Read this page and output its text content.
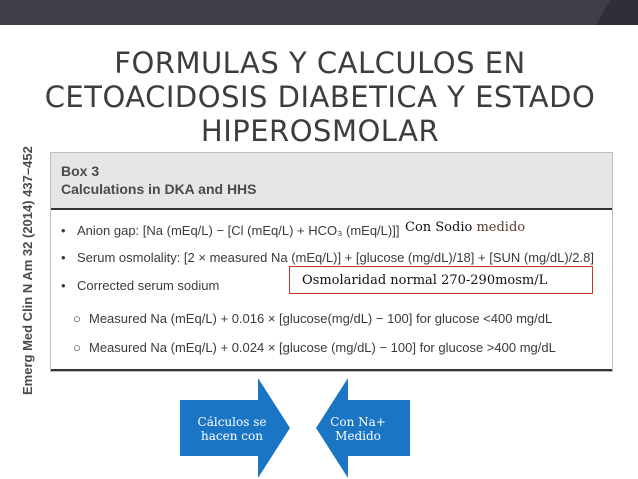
FORMULAS Y CALCULOS EN
CETOACIDOSIS DIABETICA Y ESTADO
HIPEROSMOLAR
Emerg Med Clin N Am 32 (2014) 437–452 Box 3
Calculations in DKA and HHS
• Anion gap: [Na (mEq/L) − [Cl (mEq/L) + HCO₃ (mEq/L)]]
• Serum osmolality: [2 × measured Na (mEq/L)] + [glucose (mg/dL)/18] + [SUN (mg/dL)/2.8]
• Corrected serum sodium
○ Measured Na (mEq/L) + 0.016 × [glucose(mg/dL) − 100] for glucose <400 mg/dL
○ Measured Na (mEq/L) + 0.024 × [glucose (mg/dL) − 100] for glucose >400 mg/dL
Con Sodio medido
Osmolaridad normal 270-290mosm/L
Cálculos se
hacen con
Con Na+
Medido
